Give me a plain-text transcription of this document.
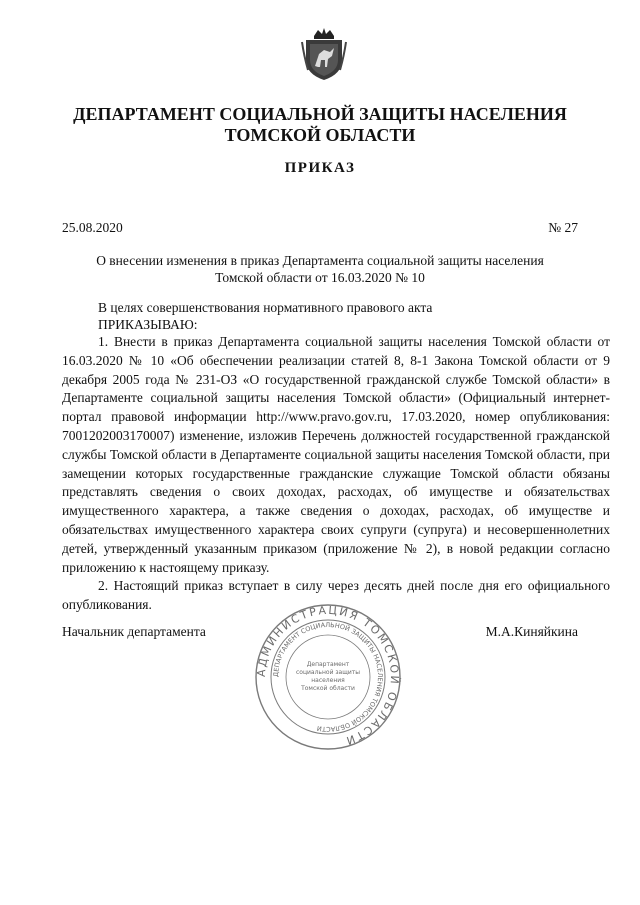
ДЕПАРТАМЕНТ СОЦИАЛЬНОЙ ЗАЩИТЫ НАСЕЛЕНИЯ
ТОМСКОЙ ОБЛАСТИ
ПРИКАЗ
25.08.2020	№ 27
О внесении изменения в приказ Департамента социальной защиты населения
Томской области от 16.03.2020 № 10
В целях совершенствования нормативного правового акта
ПРИКАЗЫВАЮ:

1. Внести в приказ Департамента социальной защиты населения Томской области от 16.03.2020 № 10 «Об обеспечении реализации статей 8, 8-1 Закона Томской области от 9 декабря 2005 года № 231-ОЗ «О государственной гражданской службе Томской области» в Департаменте социальной защиты населения Томской области» (Официальный интернет-портал правовой информации http://www.pravo.gov.ru, 17.03.2020, номер опубликования: 7001202003170007) изменение, изложив Перечень должностей государственной гражданской службы Томской области в Департаменте социальной защиты населения Томской области, при замещении которых государственные гражданские служащие Томской области обязаны представлять сведения о своих доходах, расходах, об имуществе и обязательствах имущественного характера, а также сведения о доходах, расходах, об имуществе и обязательствах имущественного характера своих супруги (супруга) и несовершеннолетних детей, утвержденный указанным приказом (приложение № 2), в новой редакции согласно приложению к настоящему приказу.

2. Настоящий приказ вступает в силу через десять дней после дня его официального опубликования.

Начальник департамента	М.А.Киняйкина
АДМИНИСТРАЦИЯ ТОМСКОЙ ОБЛАСТИ
ДЕПАРТАМЕНТ СОЦИАЛЬНОЙ ЗАЩИТЫ НАСЕЛЕНИЯ ТОМСКОЙ ОБЛАСТИ
Департамент
социальной защиты
населения
Томской области
